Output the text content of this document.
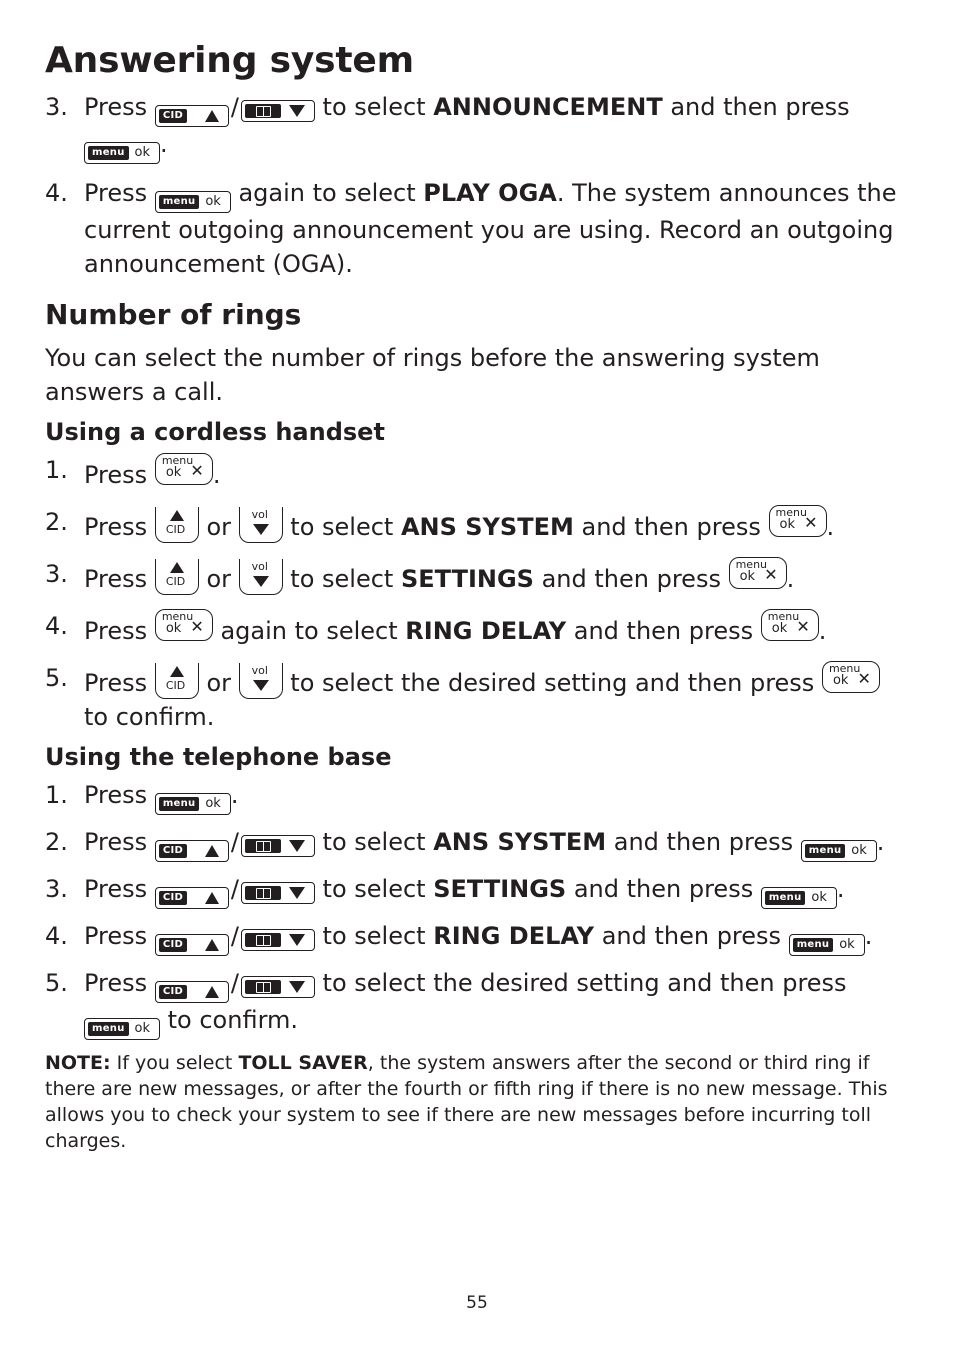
Answering system
3. Press	CID /	to select ANNOUNCEMENT and then press

menu ok .
4. Press	menu ok again to select PLAY OGA. The system announces the current outgoing announcement you are using. Record an outgoing announcement (OGA).
Number of rings

You can select the number of rings before the answering system answers a call.

Using a cordless handset
1. Press
menu
ok ✕ .
2. Press CID or vol to select ANS SYSTEM and then press
menu
ok ✕ .
3. Press CID or vol to select SETTINGS and then press
menu
ok ✕ .
4. Press
menu
ok ✕ again to select RING DELAY and then press
menu
ok ✕ .
5. Press CID or vol to select the desired setting and then press
menu
ok ✕

to confirm.
Using the telephone base
1. Press	menu ok .
2. Press	CID /	to select ANS SYSTEM and then press	menu ok .
3. Press	CID /	to select SETTINGS and then press	menu ok .
4. Press	CID /	to select RING DELAY and then press	menu ok .
5. Press	CID /	to select the desired setting and then press

menu ok to confirm.
NOTE: If you select TOLL SAVER, the system answers after the second or third ring if there are new messages, or after the fourth or fifth ring if there is no new message. This allows you to check your system to see if there are new messages before incurring toll charges.
55
